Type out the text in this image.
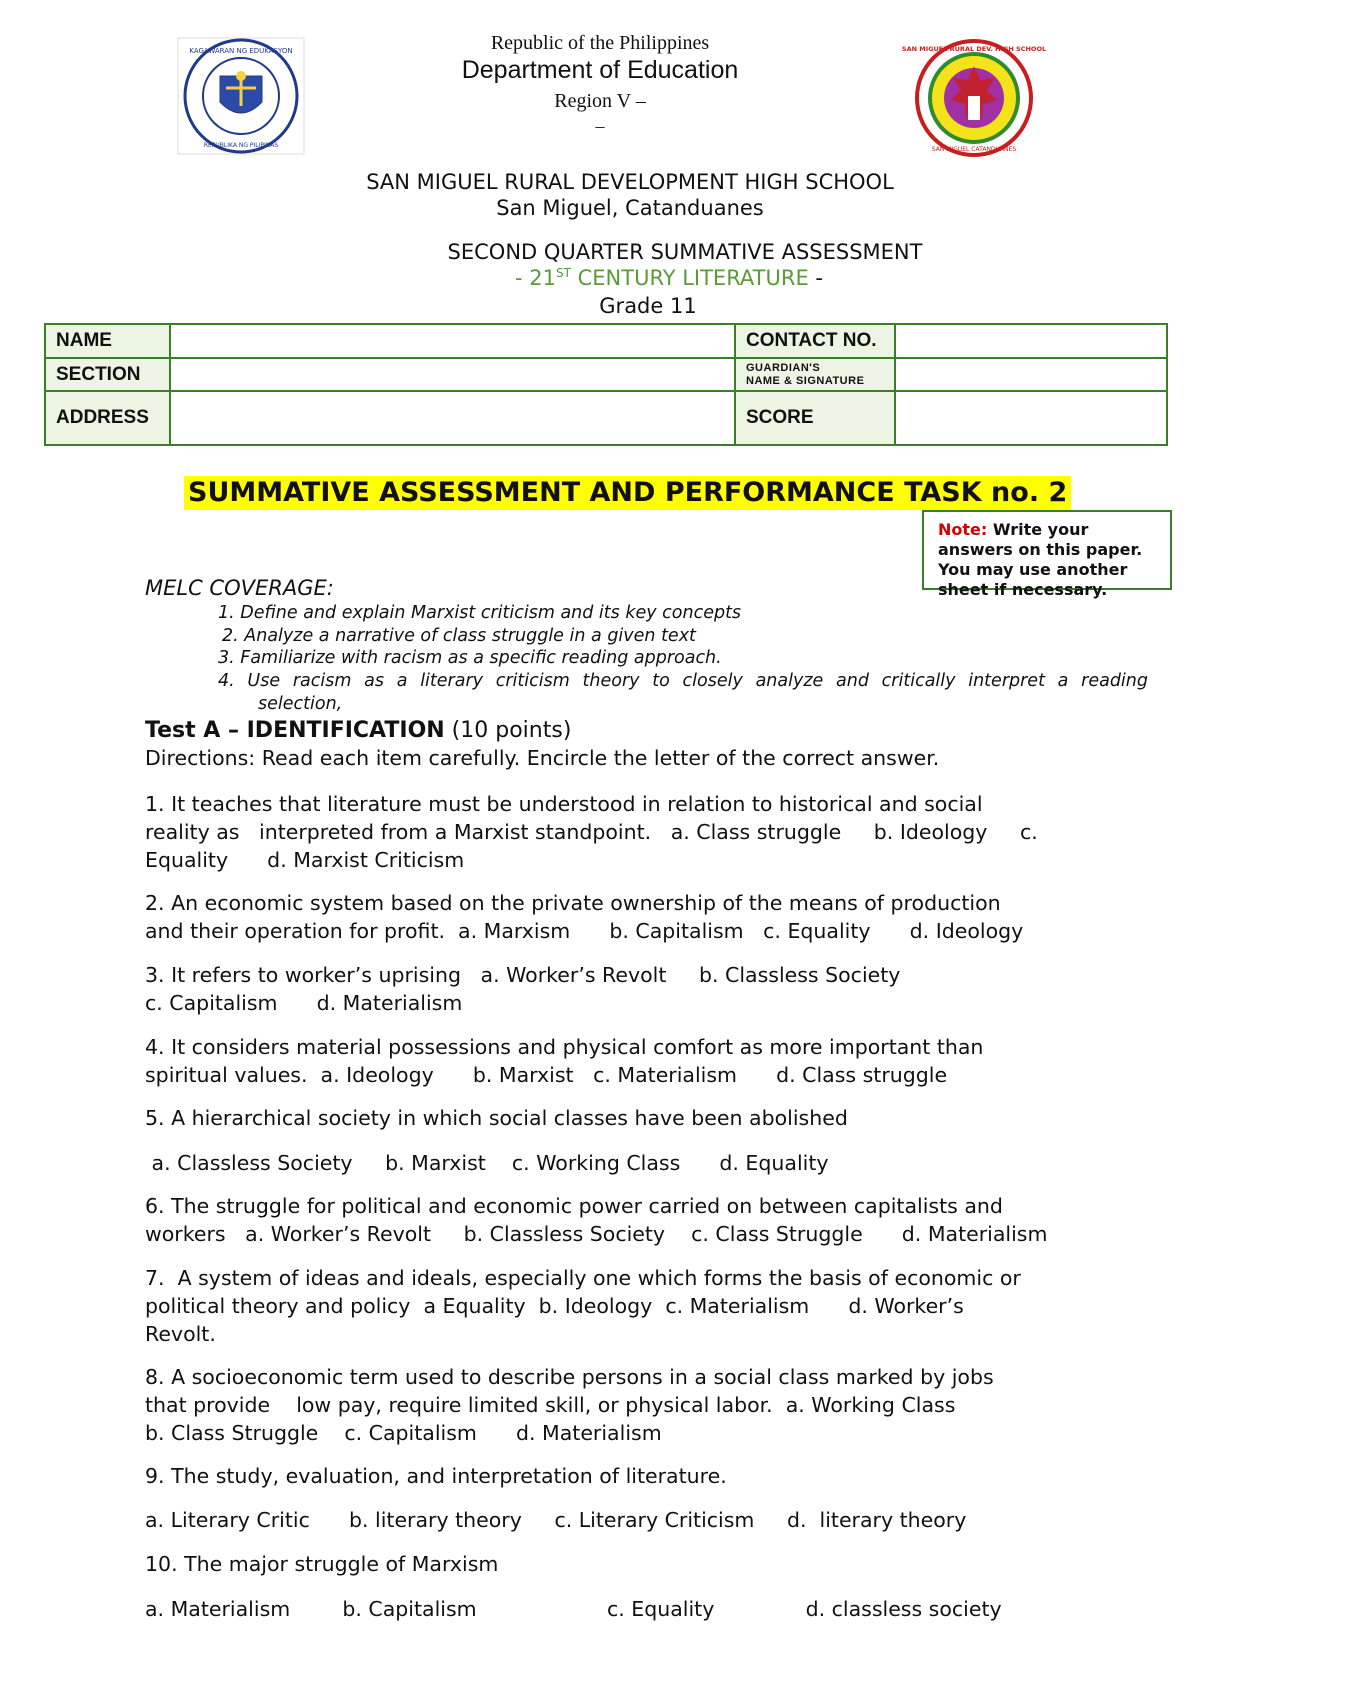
KAGAWARAN NG EDUKASYON
REPUBLIKA NG PILIPINAS
SAN MIGUEL RURAL DEV. HIGH SCHOOL
SAN MIGUEL CATANDUANES
Republic of the Philippines
Department of Education
Region V –
–
SAN MIGUEL RURAL DEVELOPMENT HIGH SCHOOL
San Miguel, Catanduanes
SECOND QUARTER SUMMATIVE ASSESSMENT
- 21ST CENTURY LITERATURE -
Grade 11
NAME		CONTACT NO.	
SECTION		GUARDIAN'S
NAME & SIGNATURE	

ADDRESS		SCORE	
SUMMATIVE ASSESSMENT AND PERFORMANCE TASK no. 2
Note: Write your
answers on this paper.
You may use another
sheet if necessary.
MELC COVERAGE:
1. Define and explain Marxist criticism and its key concepts
2. Analyze a narrative of class struggle in a given text
3. Familiarize with racism as a specific reading approach.
4. Use racism as a literary criticism theory to closely analyze and critically interpret a reading
selection,
Test A – IDENTIFICATION (10 points)
Directions: Read each item carefully. Encircle the letter of the correct answer.
1. It teaches that literature must be understood in relation to historical and social
reality as   interpreted from a Marxist standpoint.   a. Class struggle     b. Ideology     c.
Equality      d. Marxist Criticism
2. An economic system based on the private ownership of the means of production
and their operation for profit.  a. Marxism      b. Capitalism   c. Equality      d. Ideology
3. It refers to worker’s uprising   a. Worker’s Revolt     b. Classless Society
c. Capitalism      d. Materialism
4. It considers material possessions and physical comfort as more important than
spiritual values.  a. Ideology      b. Marxist   c. Materialism      d. Class struggle
5. A hierarchical society in which social classes have been abolished
a. Classless Society     b. Marxist    c. Working Class      d. Equality
6. The struggle for political and economic power carried on between capitalists and
workers   a. Worker’s Revolt     b. Classless Society    c. Class Struggle      d. Materialism
7.  A system of ideas and ideals, especially one which forms the basis of economic or
political theory and policy  a Equality  b. Ideology  c. Materialism      d. Worker’s
Revolt.
8. A socioeconomic term used to describe persons in a social class marked by jobs
that provide    low pay, require limited skill, or physical labor.  a. Working Class
b. Class Struggle    c. Capitalism      d. Materialism
9. The study, evaluation, and interpretation of literature.
a. Literary Critic      b. literary theory     c. Literary Criticism     d.  literary theory
10. The major struggle of Marxism
a. Materialism        b. Capitalism                    c. Equality              d. classless society
